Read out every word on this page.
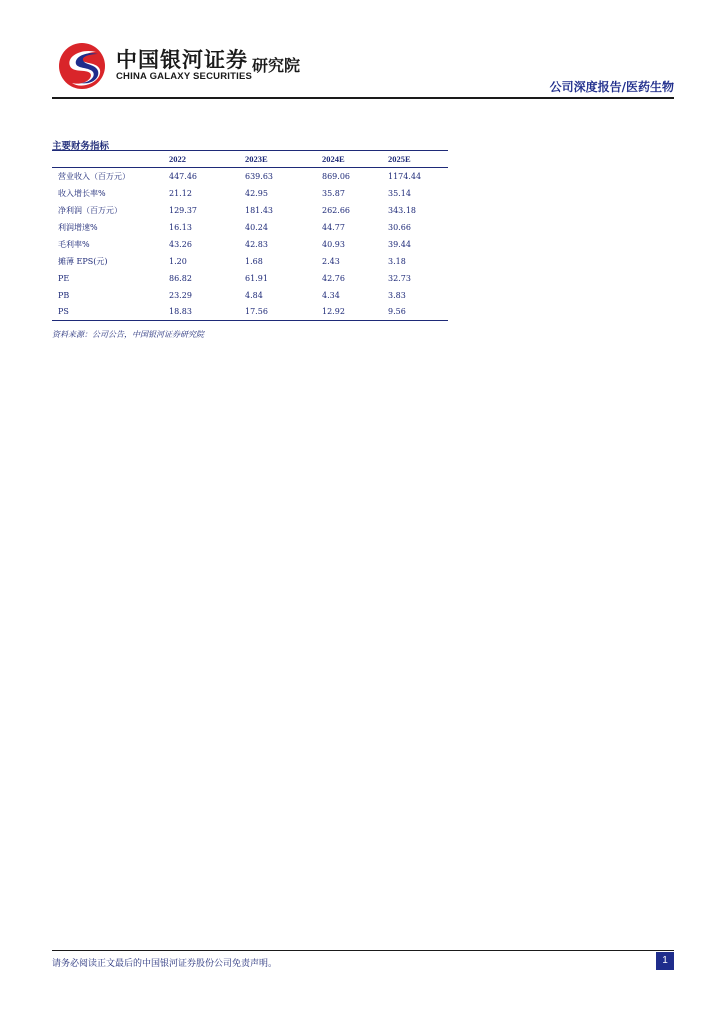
中国银河证券
CHINA GALAXY SECURITIES
研究院
公司深度报告/医药生物
主要财务指标
	2022	2023E	2024E	2025E
营业收入（百万元）	447.46	639.63	869.06	1174.44
收入增长率%	21.12	42.95	35.87	35.14
净利润（百万元）	129.37	181.43	262.66	343.18
利润增速%	16.13	40.24	44.77	30.66
毛利率%	43.26	42.83	40.93	39.44
摊薄 EPS(元)	1.20	1.68	2.43	3.18
PE	86.82	61.91	42.76	32.73
PB	23.29	4.84	4.34	3.83
PS	18.83	17.56	12.92	9.56
资料来源：公司公告，中国银河证券研究院
请务必阅读正文最后的中国银河证券股份公司免责声明。	1
